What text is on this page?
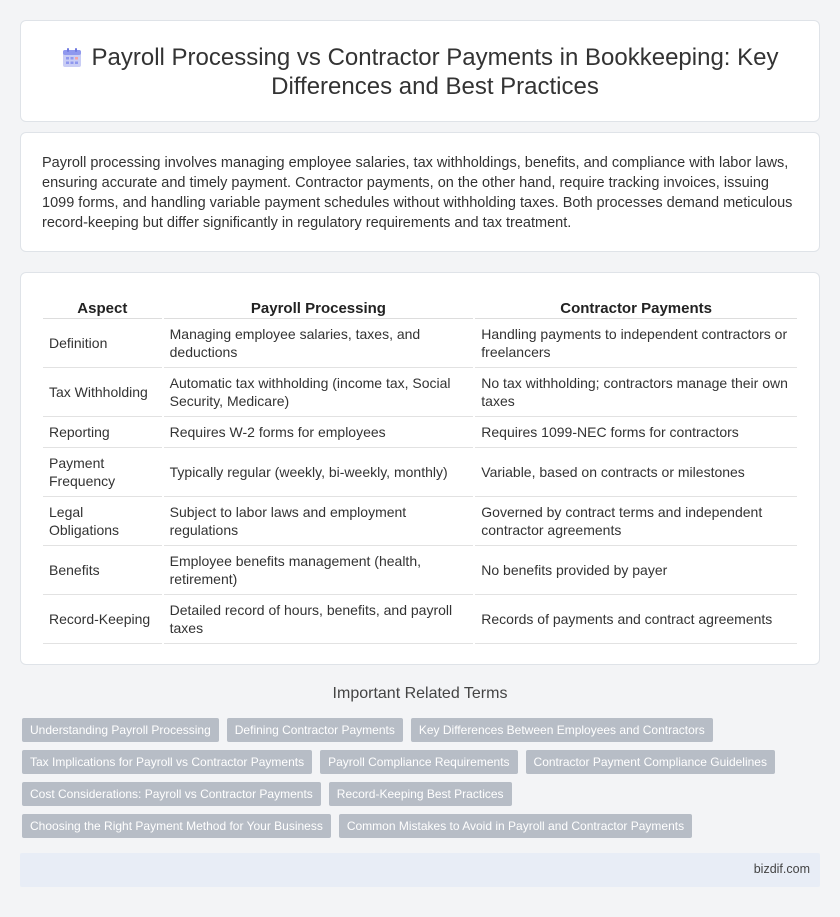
Payroll Processing vs Contractor Payments in Bookkeeping: Key Differences and Best Practices

Payroll processing involves managing employee salaries, tax withholdings, benefits, and compliance with labor laws, ensuring accurate and timely payment. Contractor payments, on the other hand, require tracking invoices, issuing 1099 forms, and handling variable payment schedules without withholding taxes. Both processes demand meticulous record-keeping but differ significantly in regulatory requirements and tax treatment.

Aspect	Payroll Processing	Contractor Payments
Definition	Managing employee salaries, taxes, and deductions	Handling payments to independent contractors or freelancers
Tax Withholding	Automatic tax withholding (income tax, Social Security, Medicare)	No tax withholding; contractors manage their own taxes
Reporting	Requires W-2 forms for employees	Requires 1099-NEC forms for contractors
Payment Frequency	Typically regular (weekly, bi-weekly, monthly)	Variable, based on contracts or milestones
Legal Obligations	Subject to labor laws and employment regulations	Governed by contract terms and independent contractor agreements
Benefits	Employee benefits management (health, retirement)	No benefits provided by payer
Record-Keeping	Detailed record of hours, benefits, and payroll taxes	Records of payments and contract agreements
Important Related Terms
Understanding Payroll Processing	Defining Contractor Payments	Key Differences Between Employees and Contractors
Tax Implications for Payroll vs Contractor Payments	Payroll Compliance Requirements	Contractor Payment Compliance Guidelines
Cost Considerations: Payroll vs Contractor Payments	Record-Keeping Best Practices
Choosing the Right Payment Method for Your Business	Common Mistakes to Avoid in Payroll and Contractor Payments
bizdif.com
